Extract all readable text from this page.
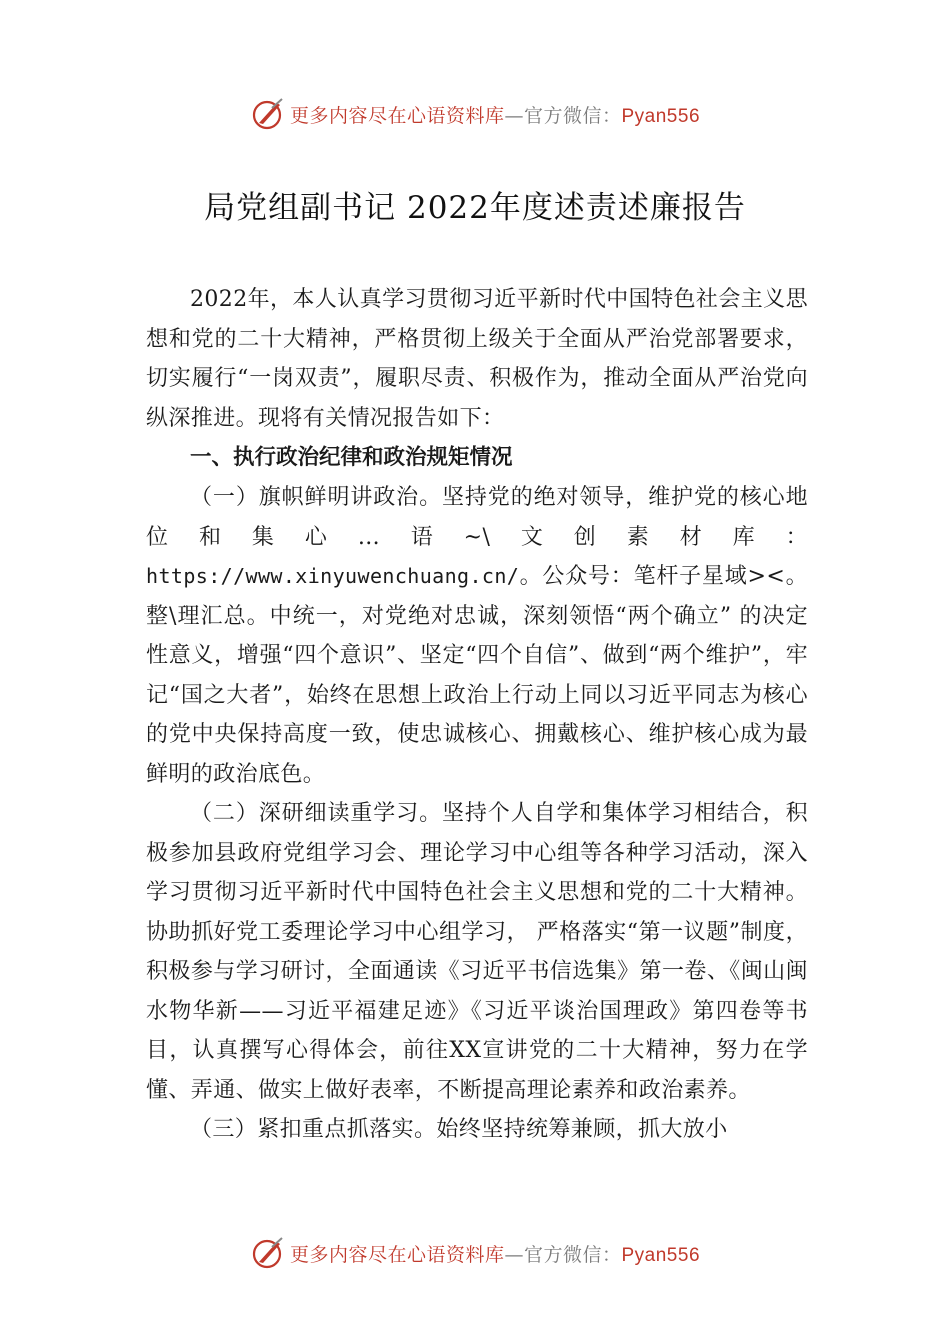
更多内容尽在心语资料库—官方微信：Pyan556
局党组副书记 2022年度述责述廉报告

2022年，本人认真学习贯彻习近平新时代中国特色社会主义思想和党的二十大精神，严格贯彻上级关于全面从严治党部署要求，切实履行“一岗双责”，履职尽责、积极作为，推动全面从严治党向纵深推进。现将有关情况报告如下：

一、执行政治纪律和政治规矩情况

（一）旗帜鲜明讲政治。坚持党的绝对领导，维护党的核心地位和集心…语~\文创素材库：https://www.xinyuwenchuang.cn/。公众号：笔杆子星域><。整\理汇总。中统一，对党绝对忠诚，深刻领悟“两个确立” 的决定性意义，增强“四个意识”、坚定“四个自信”、做到“两个维护”，牢记“国之大者”，始终在思想上政治上行动上同以习近平同志为核心的党中央保持高度一致，使忠诚核心、拥戴核心、维护核心成为最鲜明的政治底色。

（二）深研细读重学习。坚持个人自学和集体学习相结合，积极参加县政府党组学习会、理论学习中心组等各种学习活动，深入学习贯彻习近平新时代中国特色社会主义思想和党的二十大精神。协助抓好党工委理论学习中心组学习， 严格落实“第一议题”制度，积极参与学习研讨，全面通读《习近平书信选集》第一卷、《闽山闽水物华新——习近平福建足迹》《习近平谈治国理政》第四卷等书目，认真撰写心得体会，前往XX宣讲党的二十大精神，努力在学懂、弄通、做实上做好表率，不断提高理论素养和政治素养。

（三）紧扣重点抓落实。始终坚持统筹兼顾，抓大放小

更多内容尽在心语资料库—官方微信：Pyan556
